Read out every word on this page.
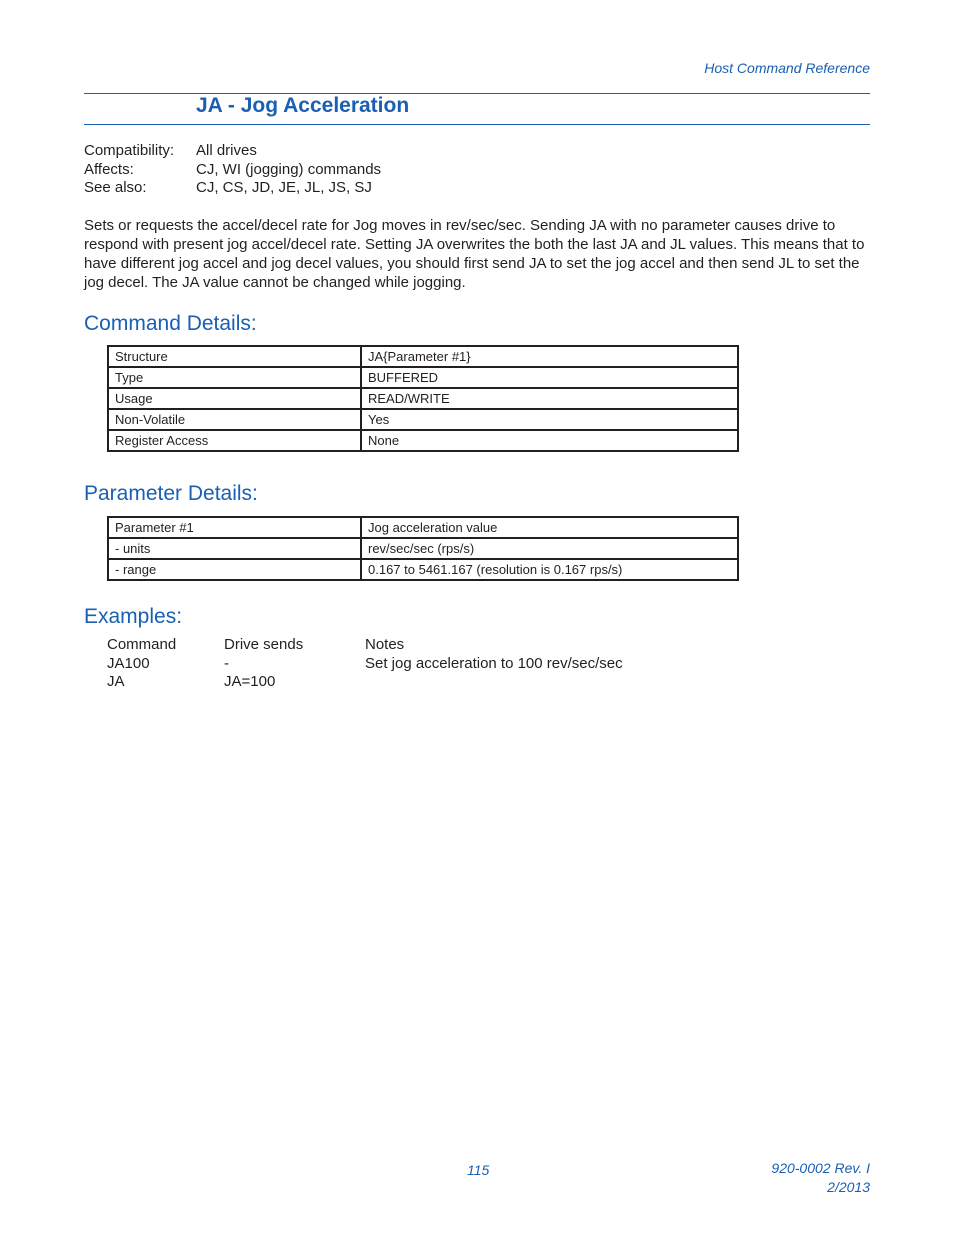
Host Command Reference
JA - Jog Acceleration
Compatibility:	All drives
Affects:	CJ, WI (jogging) commands
See also:	CJ, CS, JD, JE, JL, JS, SJ
Sets or requests the accel/decel rate for Jog moves in rev/sec/sec. Sending JA with no parameter causes drive to respond with present jog accel/decel rate. Setting JA overwrites the both the last JA and JL values. This means that to have different jog accel and jog decel values, you should first send JA to set the jog accel and then send JL to set the jog decel. The JA value cannot be changed while jogging.
Command Details:
Structure	JA{Parameter #1}
Type	BUFFERED
Usage	READ/WRITE
Non-Volatile	Yes
Register Access	None
Parameter Details:
Parameter #1	Jog acceleration value
- units	rev/sec/sec (rps/s)
- range	0.167 to 5461.167 (resolution is 0.167 rps/s)
Examples:
Command	Drive sends	Notes
JA100	-	Set jog acceleration to 100 rev/sec/sec
JA	JA=100
115	920-0002 Rev. I
2/2013
